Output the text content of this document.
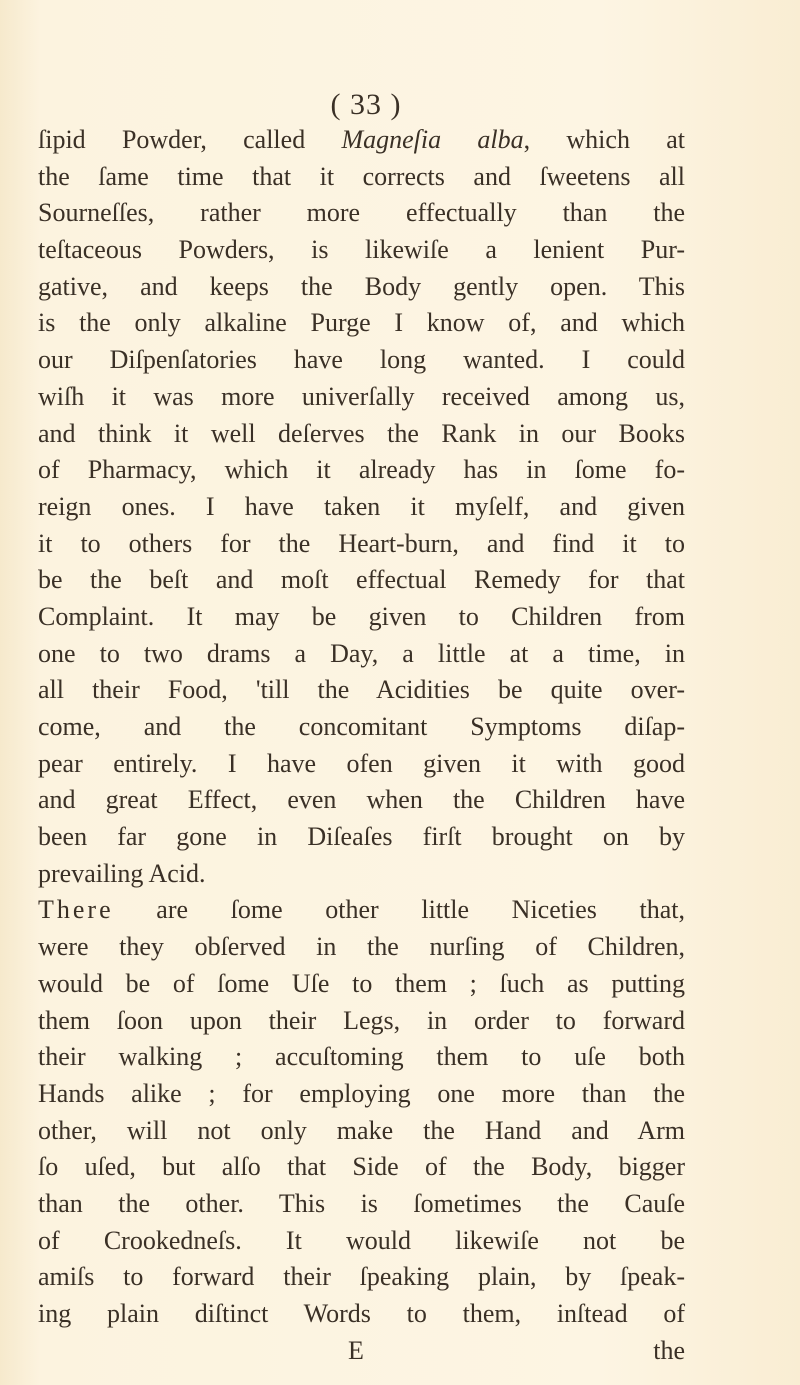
( 33 )
ſipid Powder, called Magneſia alba, which at
the ſame time that it corrects and ſweetens all
Sourneſſes, rather more effectually than the
teſtaceous Powders, is likewiſe a lenient Pur-
gative, and keeps the Body gently open. This
is the only alkaline Purge I know of, and which
our Diſpenſatories have long wanted. I could
wiſh it was more univerſally received among us,
and think it well deſerves the Rank in our Books
of Pharmacy, which it already has in ſome fo-
reign ones. I have taken it myſelf, and given
it to others for the Heart-burn, and find it to
be the beſt and moſt effectual Remedy for that
Complaint. It may be given to Children from
one to two drams a Day, a little at a time, in
all their Food, 'till the Acidities be quite over-
come, and the concomitant Symptoms diſap-
pear entirely. I have ofen given it with good
and great Effect, even when the Children have
been far gone in Diſeaſes firſt brought on by
prevailing Acid.
There are ſome other little Niceties that,
were they obſerved in the nurſing of Children,
would be of ſome Uſe to them ; ſuch as putting
them ſoon upon their Legs, in order to forward
their walking ; accuſtoming them to uſe both
Hands alike ; for employing one more than the
other, will not only make the Hand and Arm
ſo uſed, but alſo that Side of the Body, bigger
than the other. This is ſometimes the Cauſe
of Crookedneſs. It would likewiſe not be
amiſs to forward their ſpeaking plain, by ſpeak-
ing plain diſtinct Words to them, inſtead of
E	the
